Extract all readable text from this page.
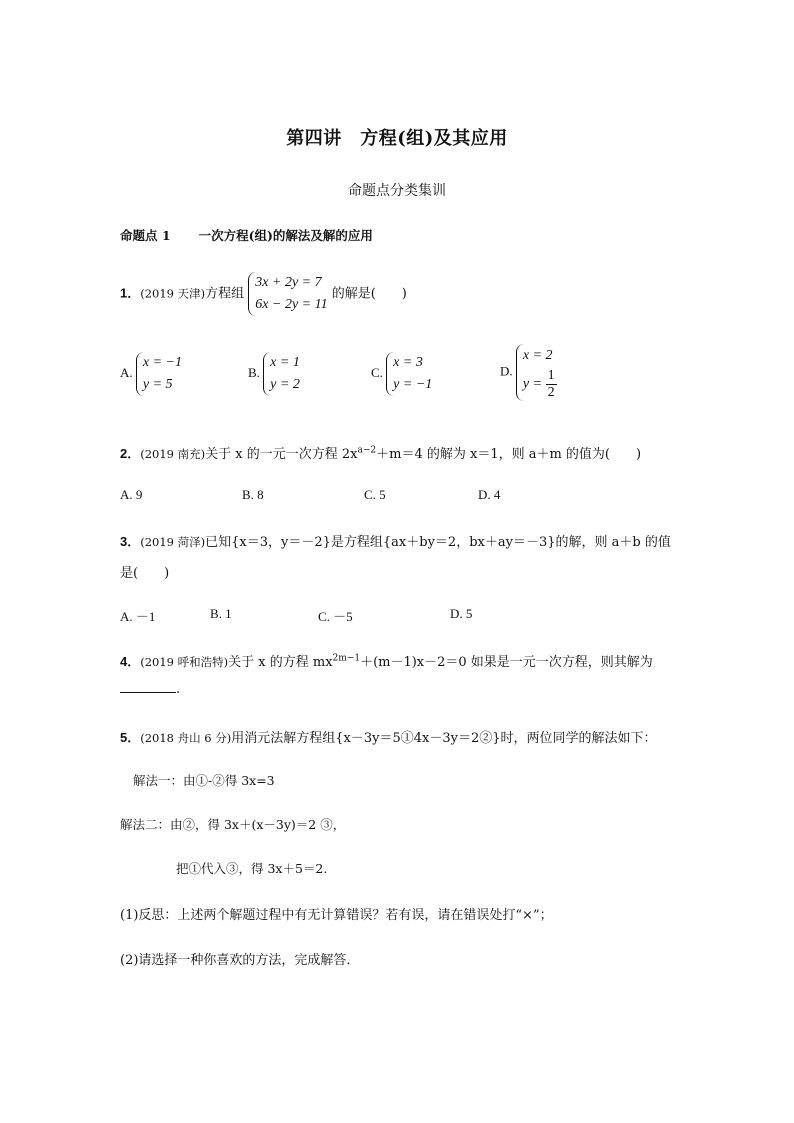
第四讲　方程(组)及其应用
命题点分类集训
命题点 1 一次方程(组)的解法及解的应用
1．(2019 天津)方程组
3x + 2y = 7
6x − 2y = 11
的解是(　　)
A.
x = −1
y = 5
B.
x = 1
y = 2
C.
x = 3
y = −1
D.
x = 2
$y = \frac{1}{2}$
2．(2019 南充)关于 x 的一元一次方程 $2x^{a-2}+m=4$ 的解为 x＝1，则 a＋m 的值为(　　)
A. 9	B. 8	C. 5	D. 4
3．(2019 菏泽)已知{x＝3，y＝－2}是方程组{ax＋by＝2，bx＋ay＝－3}的解，则 a＋b 的值
是(　　)
A. －1	B. 1	C. －5	D. 5
4．(2019 呼和浩特)关于 x 的方程 $mx^{2m-1}+(m-1)x-2=0$ 如果是一元一次方程，则其解为
.
5．(2018 舟山 6 分)用消元法解方程组{x－3y＝5①4x－3y＝2②}时，两位同学的解法如下：
解法一：由①-②得 3x=3
解法二：由②，得 3x＋(x－3y)＝2 ③，
把①代入③，得 3x＋5＝2.
(1)反思：上述两个解题过程中有无计算错误？若有误，请在错误处打“×”；
(2)请选择一种你喜欢的方法，完成解答．
